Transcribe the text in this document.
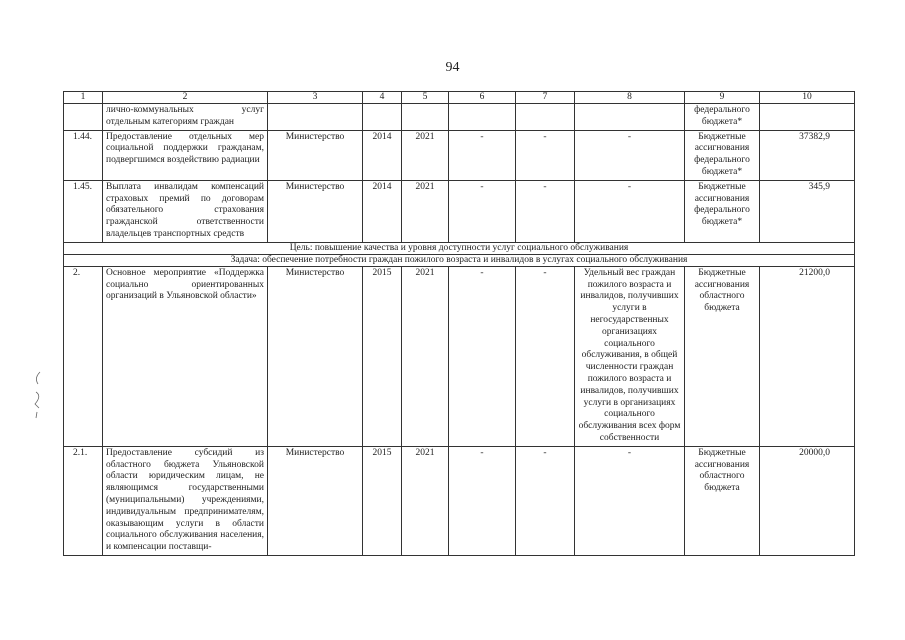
94
1	2	3	4	5	6	7	8	9	10
	лично-коммунальных услуг отдельным категориям граждан							федерального бюджета*	
1.44.	Предоставление отдельных мер социальной поддержки гражданам, подвергшимся воздействию радиации	Министерство	2014	2021	-	-	-	Бюджетные ассигнования федерального бюджета*	37382,9
1.45.	Выплата инвалидам компенсаций страховых премий по договорам обязательного страхования гражданской ответственности владельцев транспортных средств	Министерство	2014	2021	-	-	-	Бюджетные ассигнования федерального бюджета*	345,9
Цель: повышение качества и уровня доступности услуг социального обслуживания									
Задача: обеспечение потребности граждан пожилого возраста и инвалидов в услугах социального обслуживания									
2.	Основное мероприятие «Поддержка социально ориентированных организаций в Ульяновской области»	Министерство	2015	2021	-	-	Удельный вес граждан пожилого возраста и инвалидов, получивших услуги в негосударственных организациях социального обслуживания, в общей численности граждан пожилого возраста и инвалидов, получивших услуги в организациях социального обслуживания всех форм собственности	Бюджетные ассигнования областного бюджета	21200,0
2.1.	Предоставление субсидий из областного бюджета Ульяновской области юридическим лицам, не являющимся государственными (муниципальными) учреждениями, индивидуальным предпринимателям, оказывающим услуги в области социального обслуживания населения, и компенсации поставщи-	Министерство	2015	2021	-	-	-	Бюджетные ассигнования областного бюджета	20000,0
